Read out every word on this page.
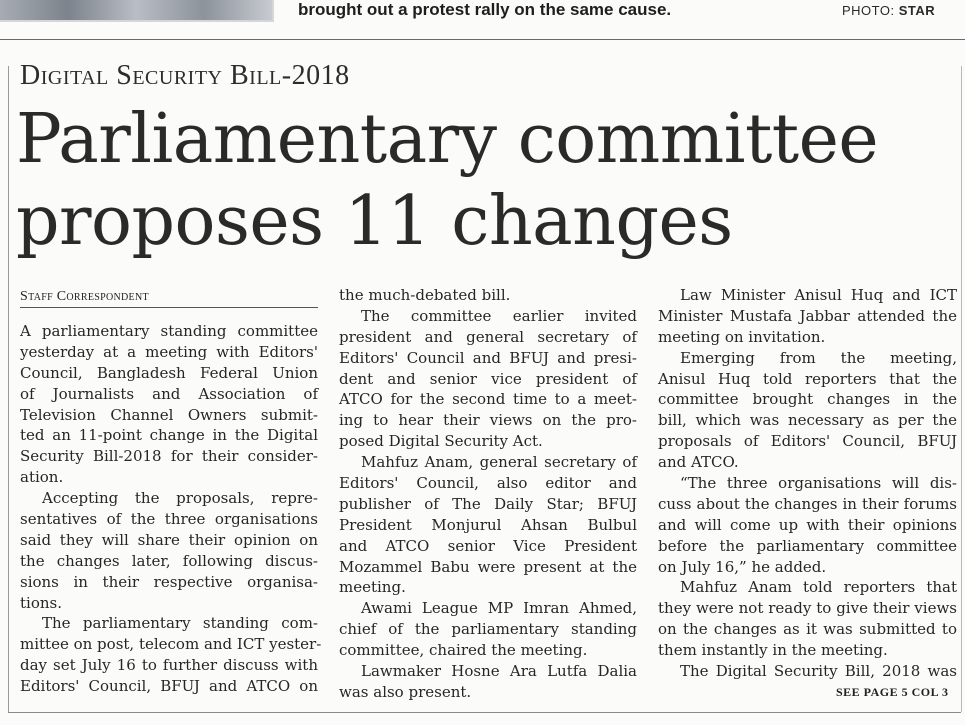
brought out a protest rally on the same cause.	PHOTO: STAR
Digital Security Bill-2018
Parliamentary committee
proposes 11 changes
Staff Correspondent
A parliamentary standing committee
yesterday at a meeting with Editors'
Council, Bangladesh Federal Union
of Journalists and Association of
Television Channel Owners submit-
ted an 11-point change in the Digital
Security Bill-2018 for their consider-
ation.
Accepting the proposals, repre-
sentatives of the three organisations
said they will share their opinion on
the changes later, following discus-
sions in their respective organisa-
tions.
The parliamentary standing com-
mittee on post, telecom and ICT yester-
day set July 16 to further discuss with
Editors' Council, BFUJ and ATCO on
the much-debated bill.
The committee earlier invited
president and general secretary of
Editors' Council and BFUJ and presi-
dent and senior vice president of
ATCO for the second time to a meet-
ing to hear their views on the pro-
posed Digital Security Act.
Mahfuz Anam, general secretary of
Editors' Council, also editor and
publisher of The Daily Star; BFUJ
President Monjurul Ahsan Bulbul
and ATCO senior Vice President
Mozammel Babu were present at the
meeting.
Awami League MP Imran Ahmed,
chief of the parliamentary standing
committee, chaired the meeting.
Lawmaker Hosne Ara Lutfa Dalia
was also present.
Law Minister Anisul Huq and ICT
Minister Mustafa Jabbar attended the
meeting on invitation.
Emerging from the meeting,
Anisul Huq told reporters that the
committee brought changes in the
bill, which was necessary as per the
proposals of Editors' Council, BFUJ
and ATCO.
“The three organisations will dis-
cuss about the changes in their forums
and will come up with their opinions
before the parliamentary committee
on July 16,” he added.
Mahfuz Anam told reporters that
they were not ready to give their views
on the changes as it was submitted to
them instantly in the meeting.
The Digital Security Bill, 2018 was
SEE PAGE 5 COL 3
